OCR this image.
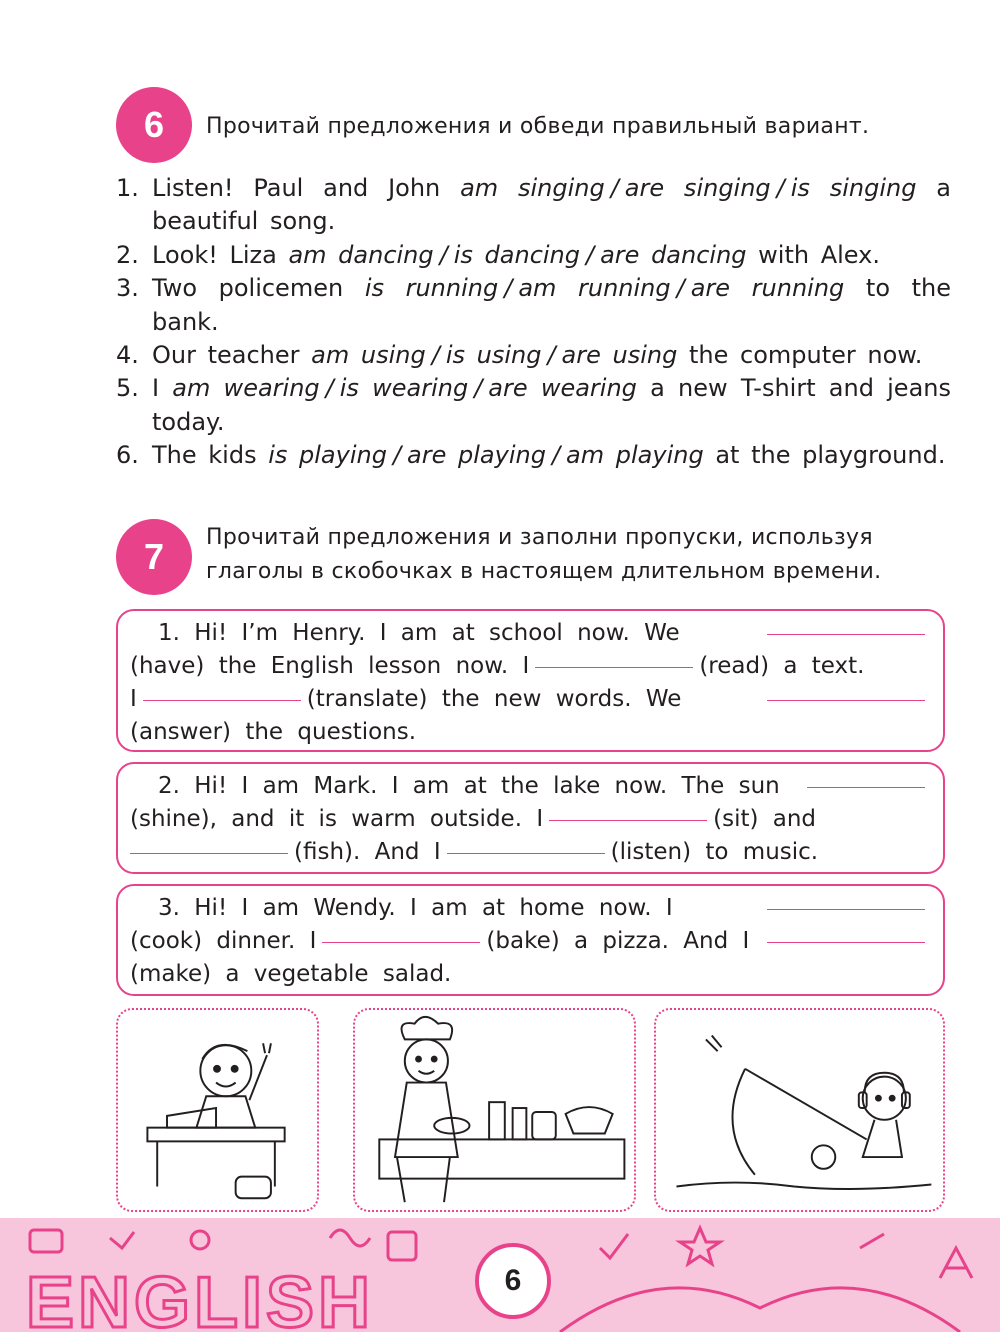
6	Прочитай предложения и обведи правильный вариант.
1. Listen! Paul and John am singing / are singing / is singing a beautiful song.
2. Look! Liza am dancing / is dancing / are dancing with Alex.
3. Two policemen is running / am running / are running to the bank.
4. Our teacher am using / is using / are using the computer now.
5. I am wearing / is wearing / are wearing a new T-shirt and jeans today.
6. The kids is playing / are playing / am playing at the playground.
7	Прочитай предложения и заполни пропуски, используя
глаголы в скобочках в настоящем длительном времени.

1. Hi! I’m Henry. I am at school now. We

(have) the English lesson now. I	(read) a text.

I	(translate) the new words. We

(answer) the questions.

2. Hi! I am Mark. I am at the lake now. The sun

(shine), and it is warm outside. I	(sit) and

(fish). And I	(listen) to music.

3. Hi! I am Wendy. I am at home now. I

(cook) dinner. I	(bake) a pizza. And I

(make) a vegetable salad.

ENGLISH	6
